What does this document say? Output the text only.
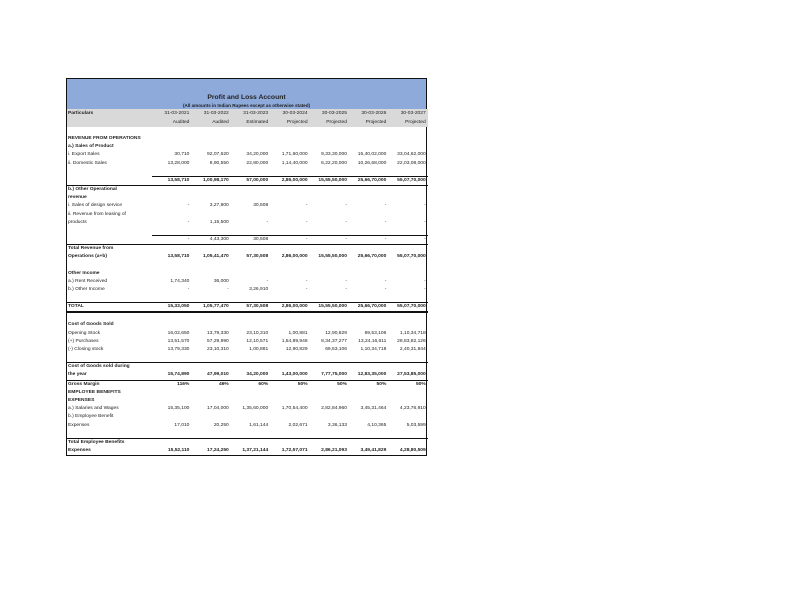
Profit and Loss Account
(All amounts in Indian Rupees except as otherwise stated)
Particulars	31-03-2021	31-03-2022	31-03-2023	30-03-2024	30-03-2025	30-03-2026	30-03-2027
	Audited	Audited	Estimated	Projected	Projected	Projected	Projected

REVENUE FROM OPERATIONS							
a.) Sales of Product							
i. Export Sales	30,710	92,07,620	34,20,000	1,71,60,000	9,33,30,000	15,40,02,000	33,04,62,000
ii. Domestic Sales	13,28,000	8,90,550	22,80,000	1,14,40,000	6,22,20,000	10,26,68,000	22,03,08,000

	13,58,710	1,00,98,170	57,00,000	2,86,00,000	15,55,50,000	25,66,70,000	55,07,70,000
b.) Other Operational							
revenue							
i. Sales of design service	-	3,27,800	30,508	-	-	-	-
ii. Revenue from leasing of							
products	-	1,15,500	-	-	-	-	-

	-	4,43,300	30,508	-	-	-	-
Total Revenue from							
Operations (a+b)	13,58,710	1,05,41,470	57,30,508	2,86,00,000	15,55,50,000	25,66,70,000	55,07,70,000

Other Income							
a.) Rent Received	1,74,340	36,000	-	-	-	-	-
b.) Other Income	-	-	3,26,910	-	-	-	-

TOTAL	15,33,050	1,05,77,470	57,30,508	2,86,00,000	15,55,50,000	25,66,70,000	55,07,70,000

Cost of Goods Sold							
Opening Stock	16,02,650	13,79,330	23,10,310	1,00,881	12,90,829	69,53,106	1,10,34,718
(+) Purchases	13,51,570	57,29,990	12,10,571	1,54,89,948	8,34,37,277	13,24,16,611	28,83,82,126
(-) Closing stock	13,79,330	23,10,310	1,00,881	12,90,829	69,53,106	1,10,34,718	2,40,31,844

Cost of Goods sold during							
the year	15,74,890	47,99,010	34,20,000	1,43,00,000	7,77,75,000	12,83,35,000	27,53,85,000
Gross Margin	116%	46%	60%	50%	50%	50%	50%
EMPLOYEE BENEFITS							
EXPENSES							
a.) Salaries and Wages	15,35,100	17,04,000	1,35,60,000	1,70,54,400	2,82,84,960	3,45,31,464	4,23,76,910
b.) Employee Benefit							
Expenses	17,010	20,250	1,61,144	2,02,671	3,36,133	4,10,365	5,03,599

Total Employee Benefits							
Expenses	15,52,110	17,24,250	1,37,21,144	1,72,57,071	2,86,21,093	3,49,41,829	4,28,80,509
